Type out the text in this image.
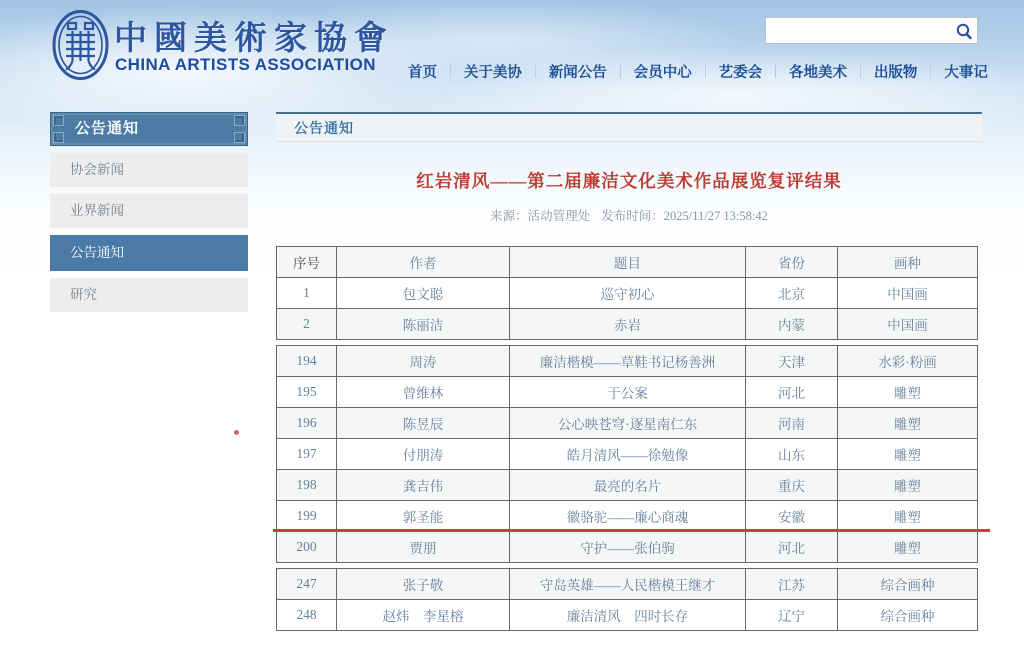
中國美術家協會
CHINA ARTISTS ASSOCIATION 首页 关于美协 新闻公告 会员中心 艺委会 各地美术 出版物 大事记
公告通知
协会新闻
业界新闻
公告通知
研究
公告通知
红岩清风——第二届廉洁文化美术作品展览复评结果
来源：活动管理处 发布时间：2025/11/27 13:58:42
序号	作者	题目	省份	画种
1	包文聪	巡守初心	北京	中国画
2	陈丽洁	赤岩	内蒙	中国画
194	周涛	廉洁楷模——草鞋书记杨善洲	天津	水彩·粉画
195	曾维林	于公案	河北	雕塑
196	陈昱辰	公心映苍穹·逐星南仁东	河南	雕塑
197	付朋涛	皓月清风——徐勉像	山东	雕塑
198	龚吉伟	最亮的名片	重庆	雕塑
199	郭圣能	徽骆驼——廉心商魂	安徽	雕塑
200	贾朋	守护——张伯驹	河北	雕塑
247	张子敬	守岛英雄——人民楷模王继才	江苏	综合画种
248	赵炜　李星榕	廉洁清风　四时长存	辽宁	综合画种
